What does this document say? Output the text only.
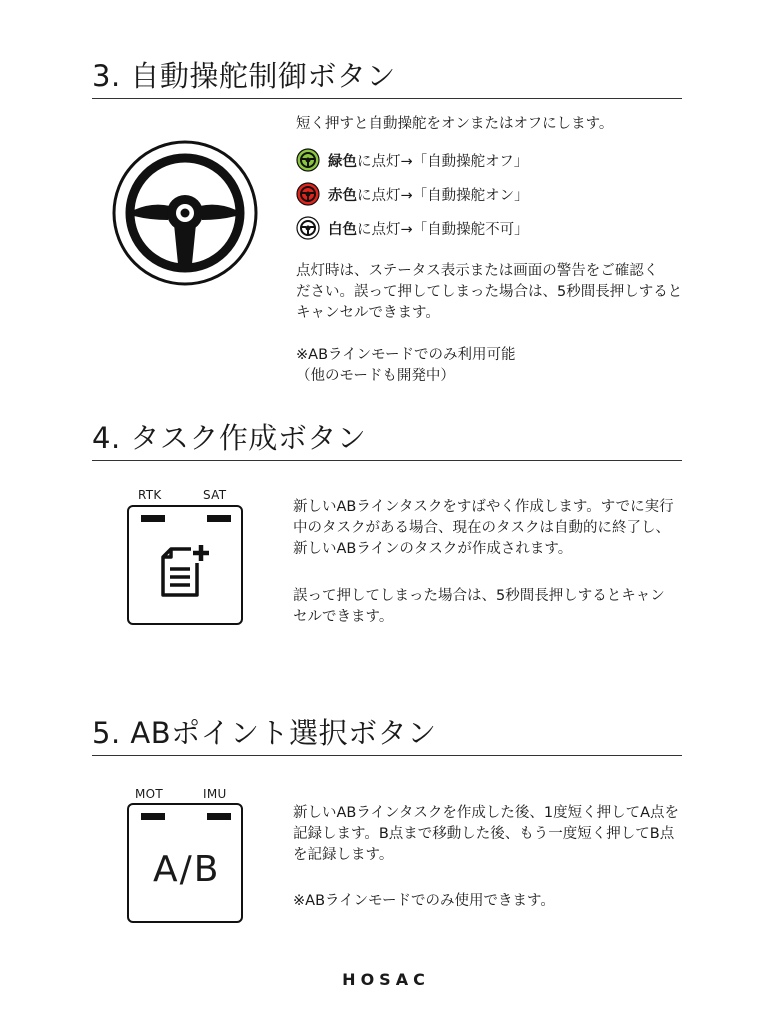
3. 自動操舵制御ボタン

短く押すと自動操舵をオンまたはオフにします。

緑色 に点灯→「自動操舵オフ」
赤色 に点灯→「自動操舵オン」
白色 に点灯→「自動操舵不可」

点灯時は、ステータス表示または画面の警告をご確認く
ださい。誤って押してしまった場合は、5秒間長押しすると
キャンセルできます。

※ABラインモードでのみ利用可能
（他のモードも開発中）

4. タスク作成ボタン
RTK	SAT

新しいABラインタスクをすばやく作成します。すでに実行
中のタスクがある場合、現在のタスクは自動的に終了し、
新しいABラインのタスクが作成されます。

誤って押してしまった場合は、5秒間長押しするとキャン
セルできます。

5. ABポイント選択ボタン
MOT	IMU
A/B

新しいABラインタスクを作成した後、1度短く押してA点を
記録します。B点まで移動した後、もう一度短く押してB点
を記録します。

※ABラインモードでのみ使用できます。

HOSAC
